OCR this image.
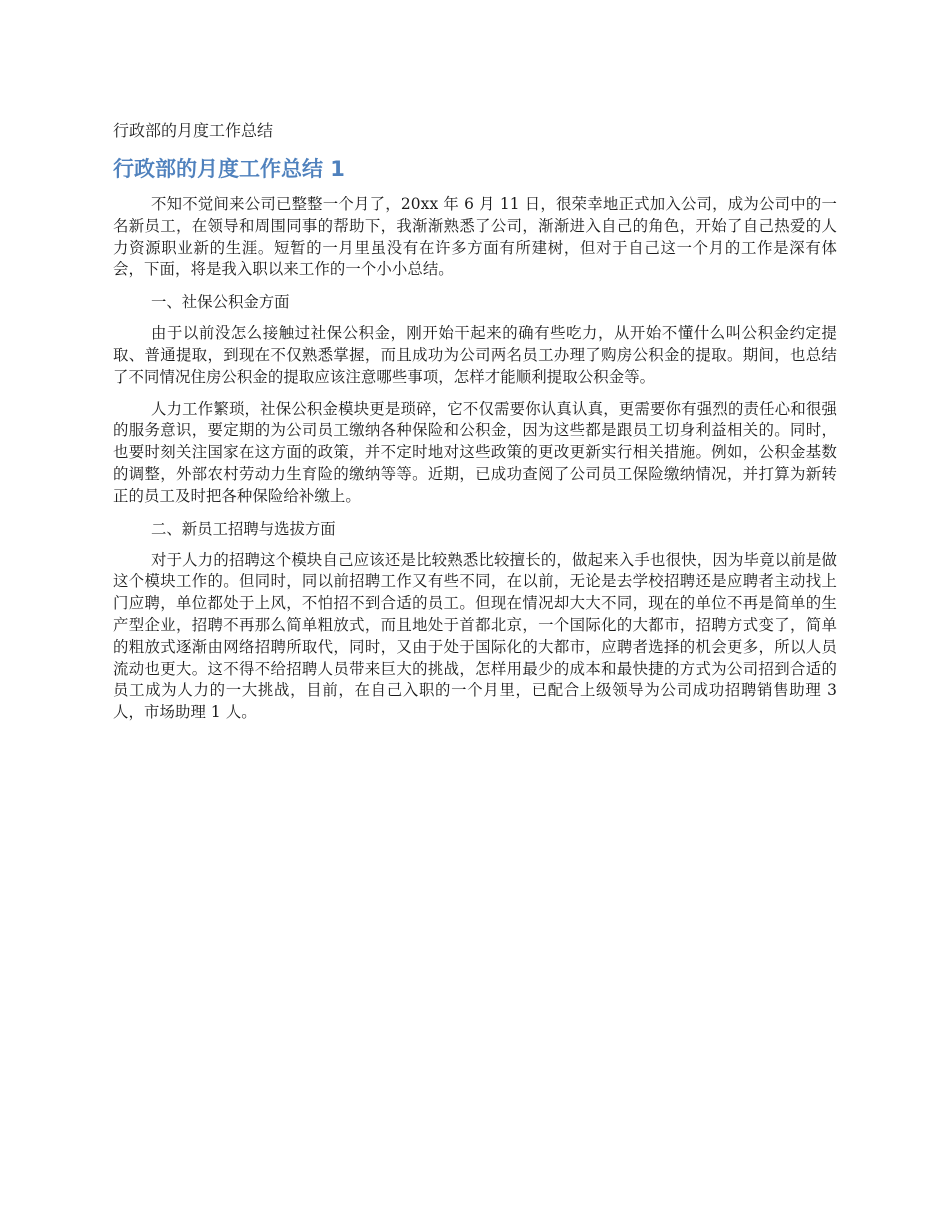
行政部的月度工作总结

行政部的月度工作总结 1

不知不觉间来公司已整整一个月了，20xx 年 6 月 11 日，很荣幸地正式加入公司，成为公司中的一名新员工，在领导和周围同事的帮助下，我渐渐熟悉了公司，渐渐进入自己的角色，开始了自己热爱的人力资源职业新的生涯。短暂的一月里虽没有在许多方面有所建树，但对于自己这一个月的工作是深有体会，下面，将是我入职以来工作的一个小小总结。

一、社保公积金方面

由于以前没怎么接触过社保公积金，刚开始干起来的确有些吃力，从开始不懂什么叫公积金约定提取、普通提取，到现在不仅熟悉掌握，而且成功为公司两名员工办理了购房公积金的提取。期间，也总结了不同情况住房公积金的提取应该注意哪些事项，怎样才能顺利提取公积金等。

人力工作繁琐，社保公积金模块更是琐碎，它不仅需要你认真认真，更需要你有强烈的责任心和很强的服务意识，要定期的为公司员工缴纳各种保险和公积金，因为这些都是跟员工切身利益相关的。同时，也要时刻关注国家在这方面的政策，并不定时地对这些政策的更改更新实行相关措施。例如，公积金基数的调整，外部农村劳动力生育险的缴纳等等。近期，已成功查阅了公司员工保险缴纳情况，并打算为新转正的员工及时把各种保险给补缴上。

二、新员工招聘与选拔方面

对于人力的招聘这个模块自己应该还是比较熟悉比较擅长的，做起来入手也很快，因为毕竟以前是做这个模块工作的。但同时，同以前招聘工作又有些不同，在以前，无论是去学校招聘还是应聘者主动找上门应聘，单位都处于上风，不怕招不到合适的员工。但现在情况却大大不同，现在的单位不再是简单的生产型企业，招聘不再那么简单粗放式，而且地处于首都北京，一个国际化的大都市，招聘方式变了，简单的粗放式逐渐由网络招聘所取代，同时，又由于处于国际化的大都市，应聘者选择的机会更多，所以人员流动也更大。这不得不给招聘人员带来巨大的挑战，怎样用最少的成本和最快捷的方式为公司招到合适的员工成为人力的一大挑战，目前，在自己入职的一个月里，已配合上级领导为公司成功招聘销售助理 3 人，市场助理 1 人。
